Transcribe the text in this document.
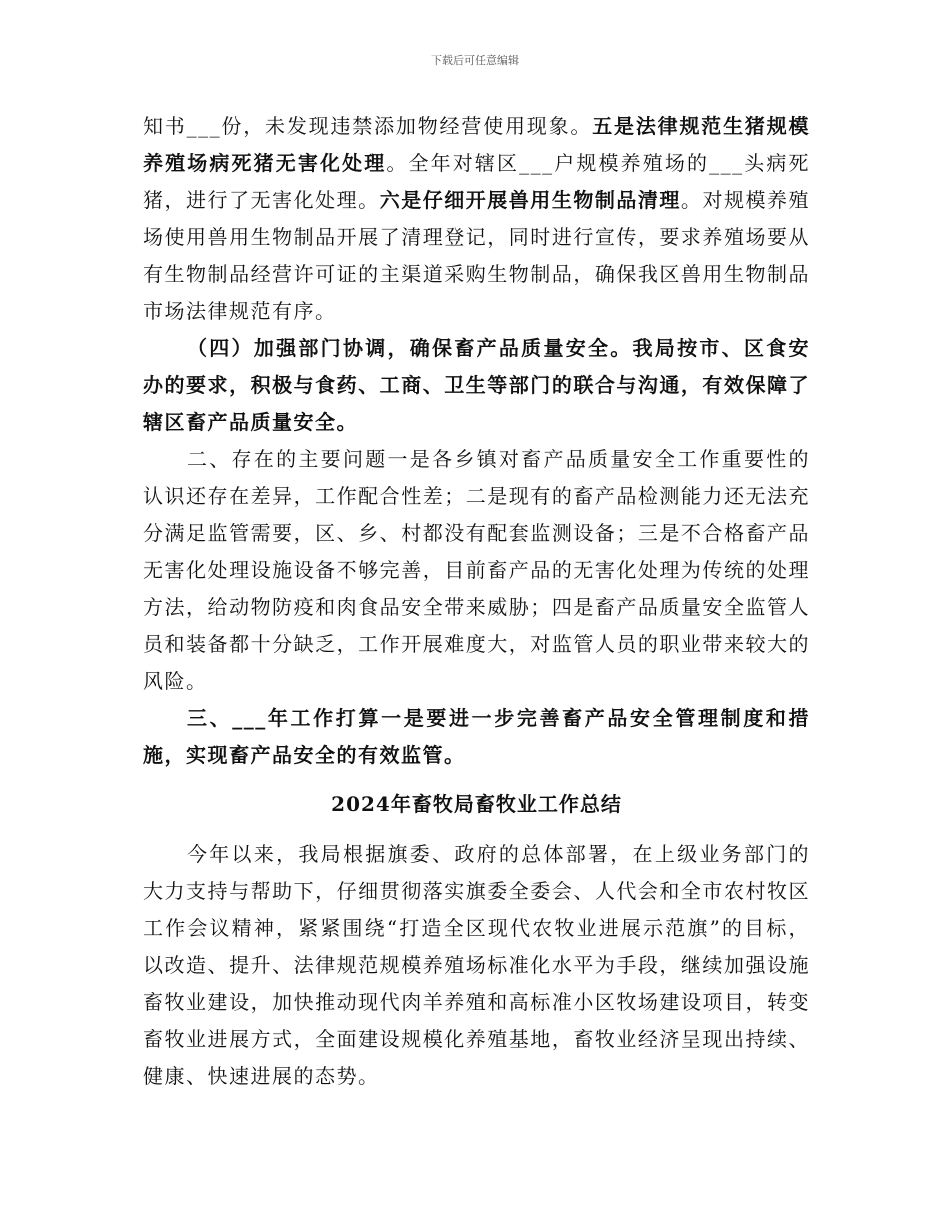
下载后可任意编辑

知书___份，未发现违禁添加物经营使用现象。五是法律规范生猪规模养殖场病死猪无害化处理。全年对辖区___户规模养殖场的___头病死猪，进行了无害化处理。六是仔细开展兽用生物制品清理。对规模养殖场使用兽用生物制品开展了清理登记，同时进行宣传，要求养殖场要从有生物制品经营许可证的主渠道采购生物制品，确保我区兽用生物制品市场法律规范有序。

（四）加强部门协调，确保畜产品质量安全。我局按市、区食安办的要求，积极与食药、工商、卫生等部门的联合与沟通，有效保障了辖区畜产品质量安全。

二、存在的主要问题一是各乡镇对畜产品质量安全工作重要性的认识还存在差异，工作配合性差；二是现有的畜产品检测能力还无法充分满足监管需要，区、乡、村都没有配套监测设备；三是不合格畜产品无害化处理设施设备不够完善，目前畜产品的无害化处理为传统的处理方法，给动物防疫和肉食品安全带来威胁；四是畜产品质量安全监管人员和装备都十分缺乏，工作开展难度大，对监管人员的职业带来较大的风险。

三、___年工作打算一是要进一步完善畜产品安全管理制度和措施，实现畜产品安全的有效监管。

2024年畜牧局畜牧业工作总结

今年以来，我局根据旗委、政府的总体部署，在上级业务部门的大力支持与帮助下，仔细贯彻落实旗委全委会、人代会和全市农村牧区工作会议精神，紧紧围绕“打造全区现代农牧业进展示范旗”的目标，以改造、提升、法律规范规模养殖场标准化水平为手段，继续加强设施畜牧业建设，加快推动现代肉羊养殖和高标准小区牧场建设项目，转变畜牧业进展方式，全面建设规模化养殖基地，畜牧业经济呈现出持续、健康、快速进展的态势。
